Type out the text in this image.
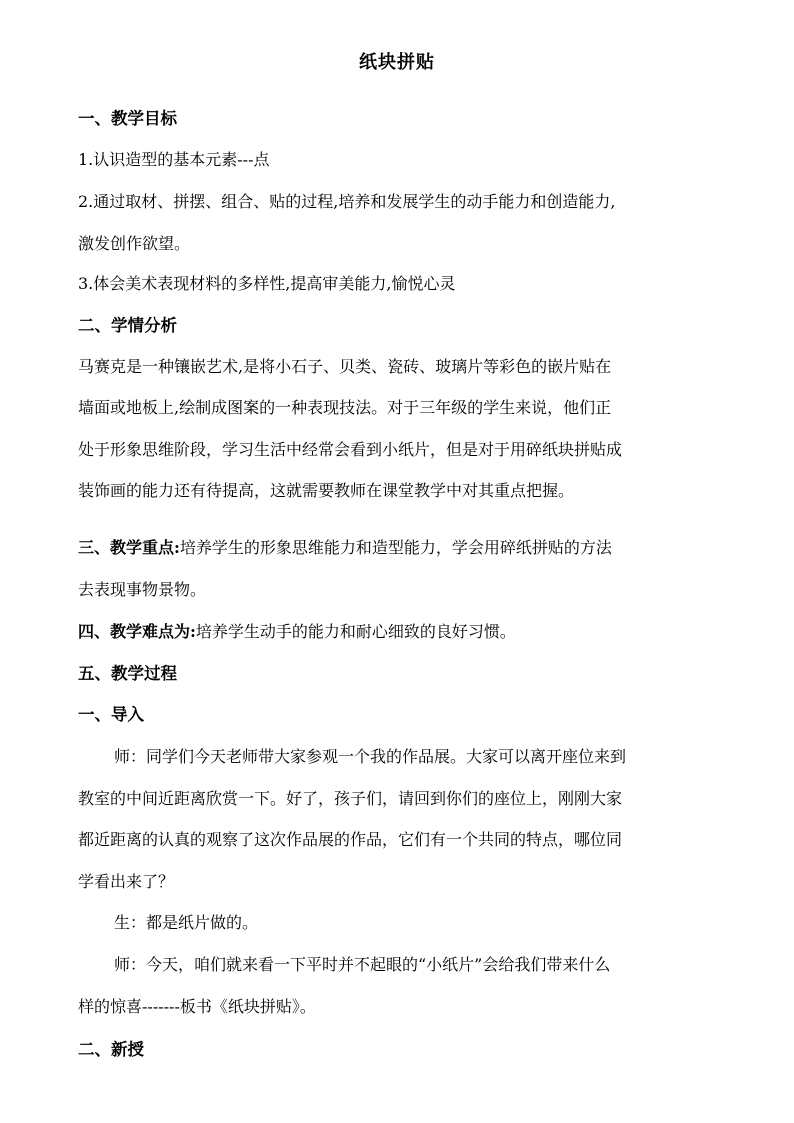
纸块拼贴
一、教学目标
1.认识造型的基本元素---点
2.通过取材、拼摆、组合、贴的过程,培养和发展学生的动手能力和创造能力,
激发创作欲望。
3.体会美术表现材料的多样性,提高审美能力,愉悦心灵
二、学情分析
马赛克是一种镶嵌艺术,是将小石子、贝类、瓷砖、玻璃片等彩色的嵌片贴在
墙面或地板上,绘制成图案的一种表现技法。对于三年级的学生来说，他们正
处于形象思维阶段，学习生活中经常会看到小纸片，但是对于用碎纸块拼贴成
装饰画的能力还有待提高，这就需要教师在课堂教学中对其重点把握。
三、教学重点:培养学生的形象思维能力和造型能力，学会用碎纸拼贴的方法
去表现事物景物。
四、教学难点为:培养学生动手的能力和耐心细致的良好习惯。
五、教学过程
一、导入
师：同学们今天老师带大家参观一个我的作品展。大家可以离开座位来到
教室的中间近距离欣赏一下。好了，孩子们，请回到你们的座位上，刚刚大家
都近距离的认真的观察了这次作品展的作品，它们有一个共同的特点，哪位同
学看出来了？
生：都是纸片做的。
师：今天，咱们就来看一下平时并不起眼的“小纸片”会给我们带来什么
样的惊喜-------板书《纸块拼贴》。
二、新授
